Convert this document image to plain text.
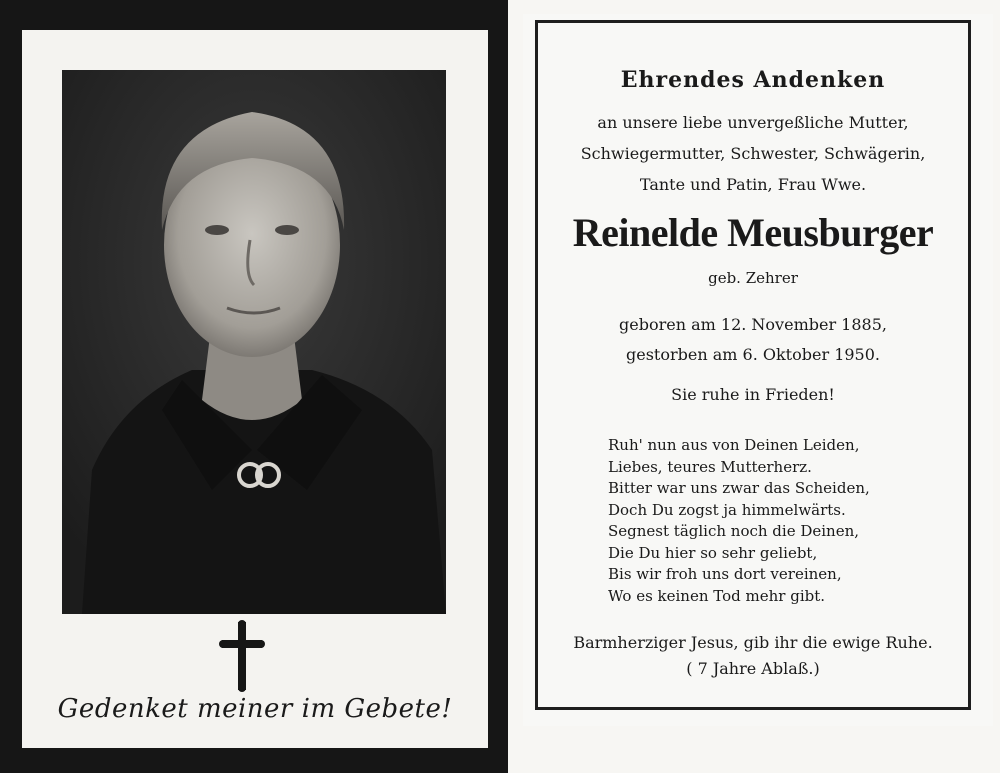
Gedenket meiner im Gebete!
Ehrendes Andenken
an unsere liebe unvergeßliche Mutter,
Schwiegermutter, Schwester, Schwägerin,
Tante und Patin, Frau Wwe.
Reinelde Meusburger
geb. Zehrer
geboren am 12. November 1885,
gestorben am 6. Oktober 1950.
Sie ruhe in Frieden!
Ruh' nun aus von Deinen Leiden,
Liebes, teures Mutterherz.
Bitter war uns zwar das Scheiden,
Doch Du zogst ja himmelwärts.
Segnest täglich noch die Deinen,
Die Du hier so sehr geliebt,
Bis wir froh uns dort vereinen,
Wo es keinen Tod mehr gibt.
Barmherziger Jesus, gib ihr die ewige Ruhe.
( 7 Jahre Ablaß.)
